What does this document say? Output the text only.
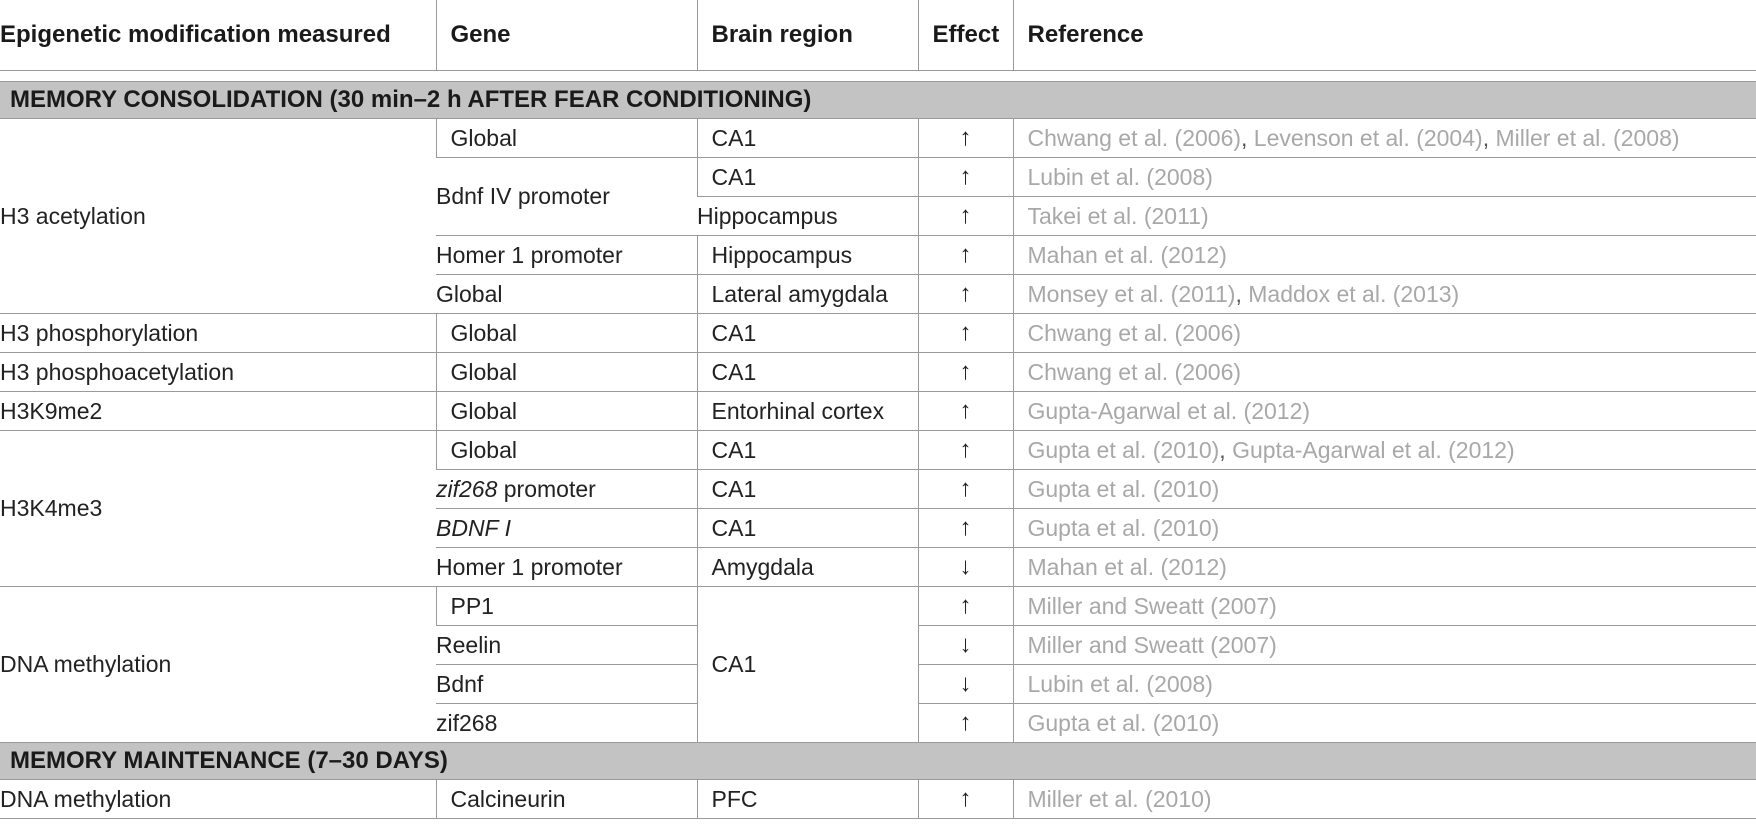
Epigenetic modification measured	Gene	Brain region	Effect	Reference

MEMORY CONSOLIDATION (30 min–2 h AFTER FEAR CONDITIONING)				
H3 acetylation	Global	CA1	↑	Chwang et al. (2006), Levenson et al. (2004), Miller et al. (2008)
	Bdnf IV promoter	CA1	↑	Lubin et al. (2008)
		Hippocampus	↑	Takei et al. (2011)
	Homer 1 promoter	Hippocampus	↑	Mahan et al. (2012)
	Global	Lateral amygdala	↑	Monsey et al. (2011), Maddox et al. (2013)
H3 phosphorylation	Global	CA1	↑	Chwang et al. (2006)
H3 phosphoacetylation	Global	CA1	↑	Chwang et al. (2006)
H3K9me2	Global	Entorhinal cortex	↑	Gupta-Agarwal et al. (2012)
H3K4me3	Global	CA1	↑	Gupta et al. (2010), Gupta-Agarwal et al. (2012)
	zif268 promoter	CA1	↑	Gupta et al. (2010)
	BDNF I	CA1	↑	Gupta et al. (2010)
	Homer 1 promoter	Amygdala	↓	Mahan et al. (2012)
DNA methylation	PP1	CA1	↑	Miller and Sweatt (2007)
	Reelin		↓	Miller and Sweatt (2007)
	Bdnf		↓	Lubin et al. (2008)
	zif268		↑	Gupta et al. (2010)
MEMORY MAINTENANCE (7–30 DAYS)				
DNA methylation	Calcineurin	PFC	↑	Miller et al. (2010)
